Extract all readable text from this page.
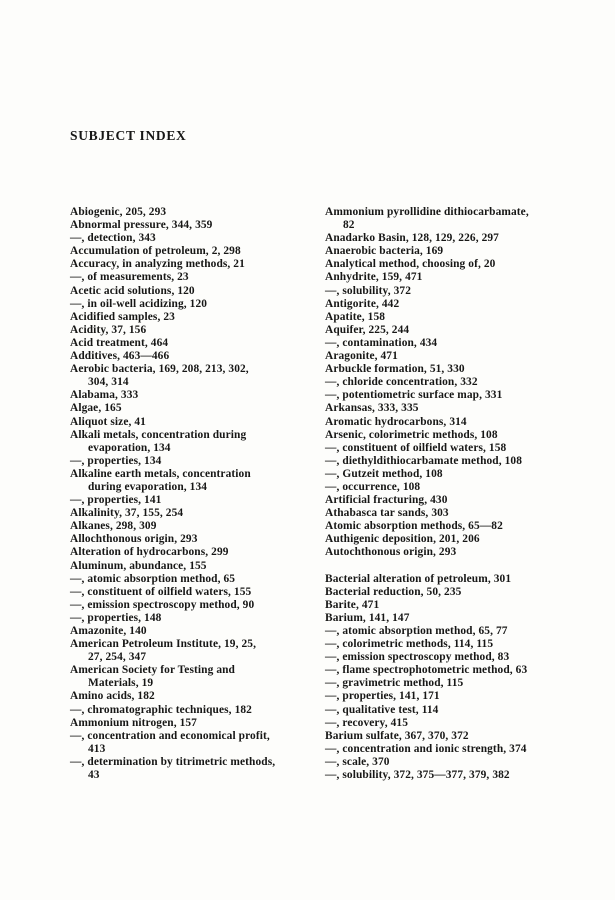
SUBJECT INDEX
Abiogenic, 205, 293
Abnormal pressure, 344, 359
—, detection, 343
Accumulation of petroleum, 2, 298
Accuracy, in analyzing methods, 21
—, of measurements, 23
Acetic acid solutions, 120
—, in oil-well acidizing, 120
Acidified samples, 23
Acidity, 37, 156
Acid treatment, 464
Additives, 463—466
Aerobic bacteria, 169, 208, 213, 302,
304, 314
Alabama, 333
Algae, 165
Aliquot size, 41
Alkali metals, concentration during
evaporation, 134
—, properties, 134
Alkaline earth metals, concentration
during evaporation, 134
—, properties, 141
Alkalinity, 37, 155, 254
Alkanes, 298, 309
Allochthonous origin, 293
Alteration of hydrocarbons, 299
Aluminum, abundance, 155
—, atomic absorption method, 65
—, constituent of oilfield waters, 155
—, emission spectroscopy method, 90
—, properties, 148
Amazonite, 140
American Petroleum Institute, 19, 25,
27, 254, 347
American Society for Testing and
Materials, 19
Amino acids, 182
—, chromatographic techniques, 182
Ammonium nitrogen, 157
—, concentration and economical profit,
413
—, determination by titrimetric methods,
43
Ammonium pyrollidine dithiocarbamate,
82
Anadarko Basin, 128, 129, 226, 297
Anaerobic bacteria, 169
Analytical method, choosing of, 20
Anhydrite, 159, 471
—, solubility, 372
Antigorite, 442
Apatite, 158
Aquifer, 225, 244
—, contamination, 434
Aragonite, 471
Arbuckle formation, 51, 330
—, chloride concentration, 332
—, potentiometric surface map, 331
Arkansas, 333, 335
Aromatic hydrocarbons, 314
Arsenic, colorimetric methods, 108
—, constituent of oilfield waters, 158
—, diethyldithiocarbamate method, 108
—, Gutzeit method, 108
—, occurrence, 108
Artificial fracturing, 430
Athabasca tar sands, 303
Atomic absorption methods, 65—82
Authigenic deposition, 201, 206
Autochthonous origin, 293
Bacterial alteration of petroleum, 301
Bacterial reduction, 50, 235
Barite, 471
Barium, 141, 147
—, atomic absorption method, 65, 77
—, colorimetric methods, 114, 115
—, emission spectroscopy method, 83
—, flame spectrophotometric method, 63
—, gravimetric method, 115
—, properties, 141, 171
—, qualitative test, 114
—, recovery, 415
Barium sulfate, 367, 370, 372
—, concentration and ionic strength, 374
—, scale, 370
—, solubility, 372, 375—377, 379, 382
